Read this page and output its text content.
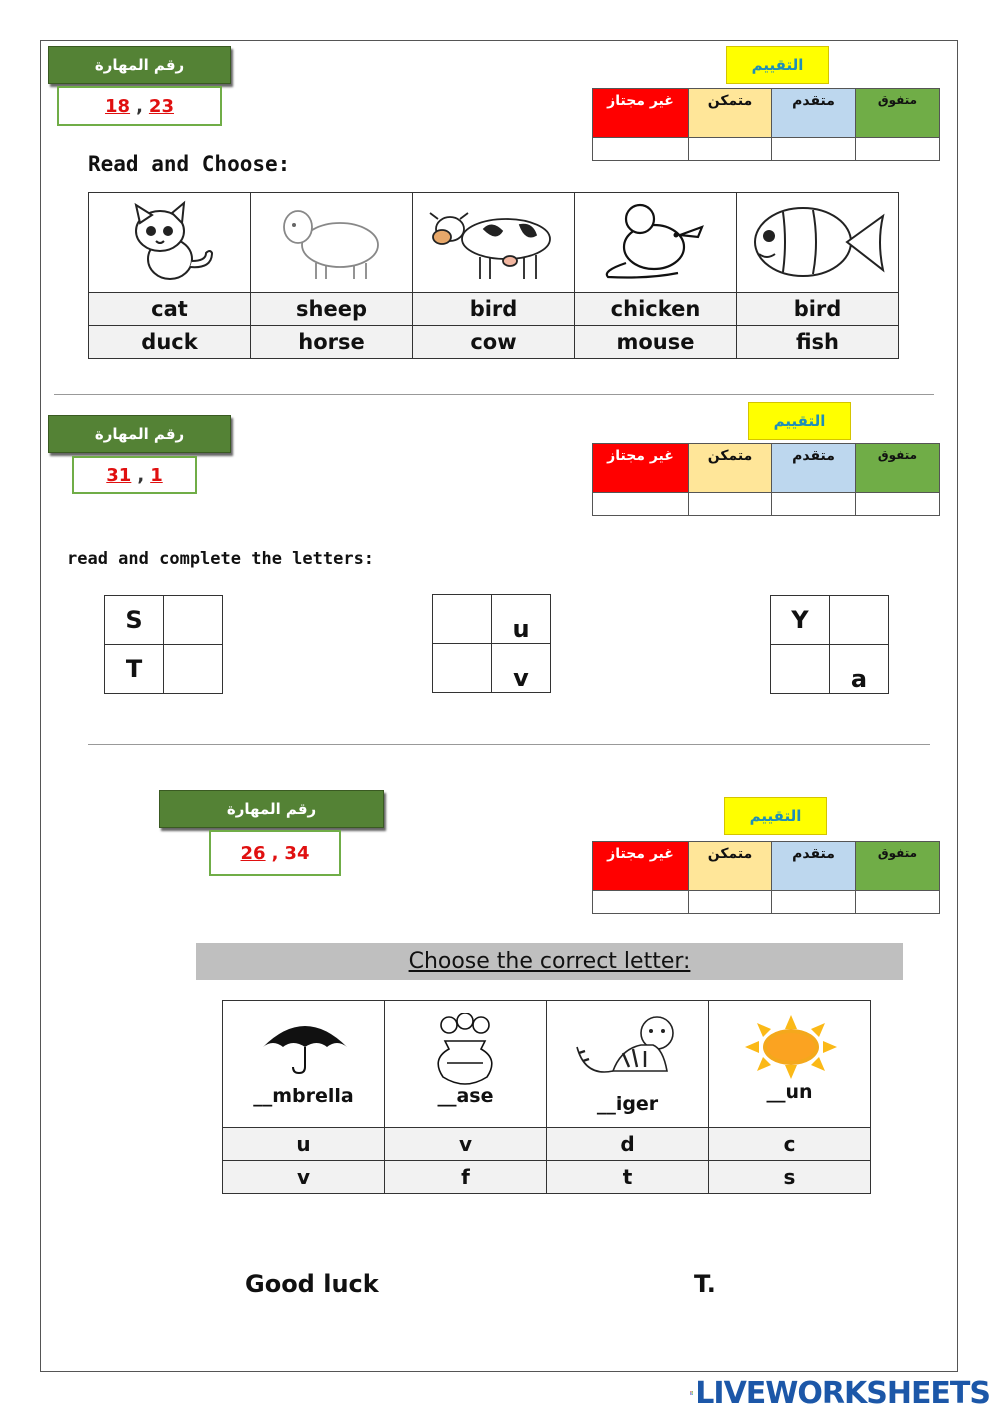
رقم المهارة
18 , 23
التقييم
غير مجتاز	متمكن	متقدم	متفوق

Read and Choose:

cat	sheep	bird	chicken	bird
duck	horse	cow	mouse	fish
رقم المهارة
31 , 1
التقييم
غير مجتاز	متمكن	متقدم	متفوق

read and complete the letters:
S	
T	
	u
	v
Y	
	a
رقم المهارة
26 , 34
التقييم
غير مجتاز	متمكن	متقدم	متفوق

Choose the correct letter:
__mbrella	__ase	__iger	__un

u	v	d	c
v	f	t	s
Good luck	T.
LIVEWORKSHEETS
